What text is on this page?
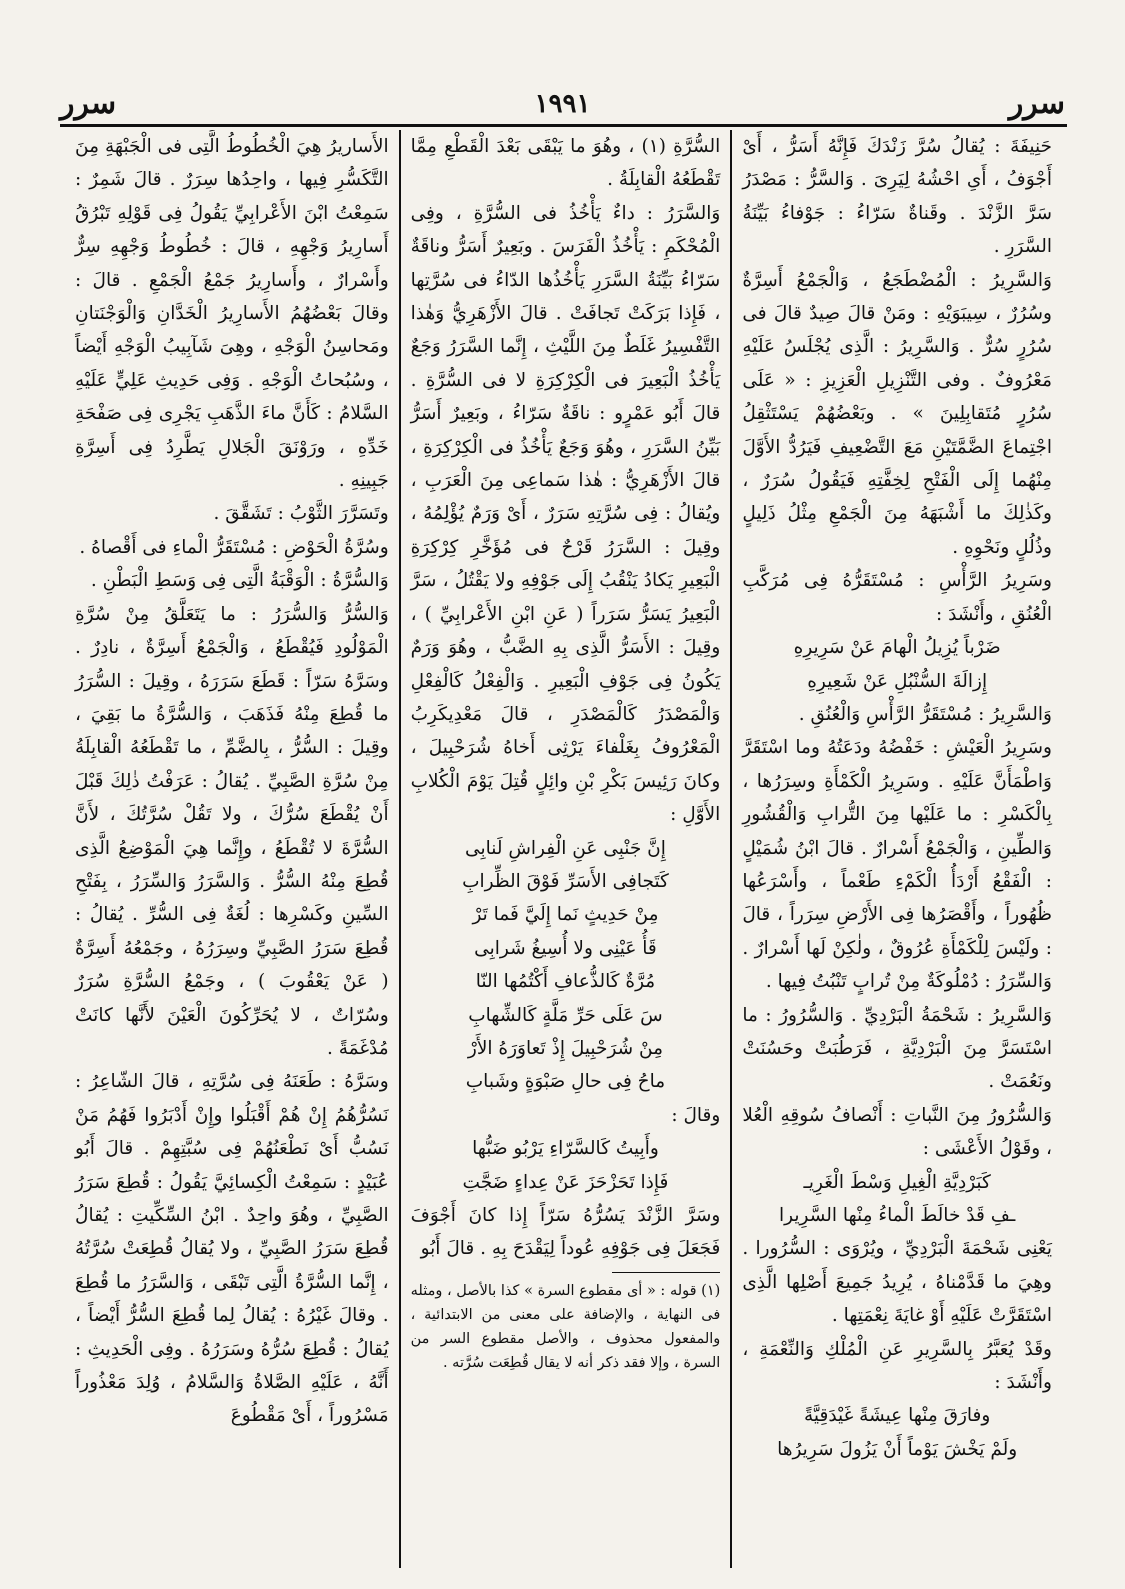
١٩٩١	سرر
سرر

الأَساريرُ هِيَ الْخُطُوطُ الَّتِى فى الْجَبْهَةِ مِنَ التَّكَسُّرِ فِيها ، واحِدُها سِرَرٌ . قالَ شَمِرٌ : سَمِعْتُ ابْنَ الأَعْرابِيِّ يَقُولُ فِى قَوْلِهِ تَبْرُقُ أَسارِيرُ وَجْهِهِ ، قالَ : خُطُوطُ وَجْهِهِ سِرٌّ وأَسْرارٌ ، وأَسارِيرُ جَمْعُ الْجَمْعِ . قالَ : وقالَ بَعْضُهُمُ الأَسارِيرُ الْخَدَّانِ وَالْوَجْنَتانِ ومَحاسِنُ الْوَجْهِ ، وهِىَ شَآبِيبُ الْوَجْهِ أَيْضاً ، وسُبُحاتُ الْوَجْهِ . وَفِى حَدِيثِ عَلِيٍّ عَلَيْهِ السَّلامُ : كَأَنَّ ماءَ الذَّهَبِ يَجْرِى فِى صَفْحَةِ خَدِّهِ ، ورَوْنَقَ الْجَلالِ يَطَّرِدُ فِى أَسِرَّةِ جَبِينِهِ .

وتَسَرَّرَ الثَّوْبُ : تَشَقَّقَ .

وسُرَّةُ الْحَوْضِ : مُسْتَقَرُّ الْماءِ فى أَقْصاهُ .

وَالسُّرَّةُ : الْوَقْبَةُ الَّتِى فِى وَسَطِ الْبَطْنِ .

وَالسُّرُّ وَالسُّرَرُ : ما يَتَعَلَّقُ مِنْ سُرَّةِ الْمَوْلُودِ فَيُقْطَعُ ، وَالْجَمْعُ أَسِرَّةٌ ، نادِرٌ . وسَرَّهُ سَرّاً : قَطَعَ سَرَرَهُ ، وقِيلَ : السُّرَرُ ما قُطِعَ مِنْهُ فَذَهَبَ ، وَالسُّرَّةُ ما بَقِيَ ، وقِيلَ : السُّرُّ ، بِالضَّمِّ ، ما تَقْطَعُهُ الْقابِلَةُ مِنْ سُرَّةِ الصَّبِيِّ . يُقالُ : عَرَفْتُ ذٰلِكَ قَبْلَ أَنْ يُقْطَعَ سُرُّكَ ، ولا تَقُلْ سُرَّتُكَ ، لأَنَّ السُّرَّةَ لا تُقْطَعُ ، وإِنَّما هِيَ الْمَوْضِعُ الَّذِى قُطِعَ مِنْهُ السُّرُّ . وَالسَّرَرُ وَالسِّرَرُ ، بِفَتْحِ السِّينِ وكَسْرِها : لُغَةٌ فِى السُّرِّ . يُقالُ : قُطِعَ سَرَرُ الصَّبِيِّ وسِرَرُهُ ، وجَمْعُهُ أَسِرَّةٌ ( عَنْ يَعْقُوبَ ) ، وجَمْعُ السُّرَّةِ سُرَرٌ وسُرّاتٌ ، لا يُحَرِّكُونَ الْعَيْنَ لأَنَّها كانَتْ مُدْغَمَةً .

وسَرَّهُ : طَعَنَهُ فِى سُرَّتِهِ ، قالَ الشّاعِرُ : نَسُرُّهُمُ إِنْ هُمْ أَقْبَلُوا وإِنْ أَدْبَرُوا فَهُمُ مَنْ نَسُبُّ أَىْ نَطْعَنُهُمْ فِى سُبَّتِهِمْ . قالَ أَبُو عُبَيْدٍ : سَمِعْتُ الْكِسائِيَّ يَقُولُ : قُطِعَ سَرَرُ الصَّبِيِّ ، وهُوَ واحِدٌ . ابْنُ السِّكِّيتِ : يُقالُ قُطِعَ سَرَرُ الصَّبِيِّ ، ولا يُقالُ قُطِعَتْ سُرَّتُهُ ، إِنَّما السُّرَّةُ الَّتِى تَبْقَى ، وَالسَّرَرُ ما قُطِعَ . وقالَ غَيْرُهُ : يُقالُ لِما قُطِعَ السُّرُّ أَيْضاً ، يُقالُ : قُطِعَ سُرُّهُ وسَرَرُهُ . وفِى الْحَدِيثِ : أَنَّهُ ، عَلَيْهِ الصَّلاةُ وَالسَّلامُ ، وُلِدَ مَعْذُوراً مَسْرُوراً ، أَىْ مَقْطُوعَ

السُّرَّةِ (١) ، وهُوَ ما يَبْقَى بَعْدَ الْقَطْعِ مِمَّا تَقْطَعُهُ الْقابِلَةُ .

وَالسَّرَرُ : داءٌ يَأْخُذُ فى السُّرَّةِ ، وفِى الْمُحْكَمِ : يَأْخُذُ الْفَرَسَ . وبَعِيرٌ أَسَرُّ وناقَةٌ سَرّاءُ بَيِّنَةُ السَّرَرِ يَأْخُذُها الدّاءُ فى سُرَّتِها ، فَإِذا بَرَكَتْ تَجافَتْ . قالَ الأَزْهَرِيُّ وَهٰذا التَّفْسِيرُ غَلَطٌ مِنَ اللَّيْثِ ، إِنَّما السَّرَرُ وَجَعٌ يَأْخُذُ الْبَعِيرَ فى الْكِرْكِرَةِ لا فى السُّرَّةِ . قالَ أَبُو عَمْرٍو : ناقَةٌ سَرّاءُ ، وبَعِيرٌ أَسَرُّ بَيِّنُ السَّرَرِ ، وهُوَ وَجَعٌ يَأْخُذُ فى الْكِرْكِرَةِ ، قالَ الأَزْهَرِيُّ : هٰذا سَماعِى مِنَ الْعَرَبِ ، ويُقالُ : فِى سُرَّتِهِ سَرَرٌ ، أَىْ وَرَمٌ يُؤْلِمُهُ ، وقِيلَ : السَّرَرُ قَرْحٌ فى مُؤَخَّرِ كِرْكِرَةِ الْبَعِيرِ يَكادُ يَنْقُبُ إِلَى جَوْفِهِ ولا يَقْتُلُ ، سَرَّ الْبَعِيرُ يَسَرُّ سَرَراً ( عَنِ ابْنِ الأَعْرابِيِّ ) ، وقِيلَ : الأَسَرُّ الَّذِى بِهِ الضَّبُّ ، وهُوَ وَرَمٌ يَكُونُ فِى جَوْفِ الْبَعِيرِ . وَالْفِعْلُ كَالْفِعْلِ وَالْمَصْدَرُ كَالْمَصْدَرِ ، قالَ مَعْدِيكَرِبُ الْمَعْرُوفُ بِغَلْفاءَ يَرْثِى أَخاهُ شُرَحْبِيلَ ، وكانَ رَئِيسَ بَكْرِ بْنِ وائِلٍ قُتِلَ يَوْمَ الْكُلابِ الأَوَّلِ :

إِنَّ جَنْبِى عَنِ الْفِراشِ لَنابِى

كَتَجافِى الأَسَرِّ فَوْقَ الظِّرابِ

مِنْ حَدِيثٍ نَما إِلَيَّ فَما تَرْ

قَأُ عَيْنِى ولا أُسِيغُ شَرابِى

مُرَّةٌ كَالذُّعافِ أَكْتُمُها النّا

سَ عَلَى حَرِّ مَلَّةٍ كَالشِّهابِ

مِنْ شُرَحْبِيلَ إِذْ تَعاوَرَهُ الأَرْ

ماحُ فِى حالِ صَبْوَةٍ وشَبابِ

وقالَ :

وأَبِيتُ كَالسَّرّاءِ يَرْبُو ضَبُّها

فَإِذا تَحَزْحَزَ عَنْ عِداءٍ ضَجَّتِ

وسَرَّ الزَّنْدَ يَسُرُّهُ سَرّاً إِذا كانَ أَجْوَفَ فَجَعَلَ فِى جَوْفِهِ عُوداً لِيَقْدَحَ بِهِ . قالَ أَبُو

(١) قوله : « أى مقطوع السرة » كذا بالأصل ، ومثله فى النهاية ، والإضافة على معنى من الابتدائية ، والمفعول محذوف ، والأصل مقطوع السر من السرة ، وإلا فقد ذكر أنه لا يقال قُطِعَت سُرَّته .

حَنِيفَةَ : يُقالُ سُرَّ زَنْدَكَ فَإِنَّهُ أَسَرُّ ، أَىْ أَجْوَفُ ، أَىِ احْشُهُ لِيَرِىَ . وَالسَّرُّ : مَصْدَرُ سَرَّ الزَّنْدَ . وقَناةٌ سَرّاءُ : جَوْفاءُ بَيِّنَةُ السَّرَرِ .

وَالسَّرِيرُ : الْمُضْطَجَعُ ، وَالْجَمْعُ أَسِرَّةٌ وسُرُرٌ ، سِيبَوَيْهِ : ومَنْ قالَ صِيدٌ قالَ فى سُرُرٍ سُرٌّ . وَالسَّرِيرُ : الَّذِى يُجْلَسُ عَلَيْهِ مَعْرُوفٌ . وفى التَّنْزِيلِ الْعَزِيزِ : « عَلَى سُرُرٍ مُتَقابِلِينَ » . وبَعْضُهُمْ يَسْتَثْقِلُ اجْتِماعَ الضَّمَّتَيْنِ مَعَ التَّضْعِيفِ فَيَرُدُّ الأَوَّلَ مِنْهُما إِلَى الْفَتْحِ لِخِفَّتِهِ فَيَقُولُ سُرَرٌ ، وكَذٰلِكَ ما أَشْبَهَهُ مِنَ الْجَمْعِ مِثْلُ ذَلِيلٍ وذُلُلٍ ونَحْوِهِ .

وسَرِيرُ الرَّأْسِ : مُسْتَقَرُّهُ فِى مُرَكَّبِ الْعُنُقِ ، وأَنْشَدَ :

ضَرْباً يُزِيلُ الْهامَ عَنْ سَرِيرِهِ

إِزالَةَ السُّنْبُلِ عَنْ شَعِيرِهِ

وَالسَّرِيرُ : مُسْتَقَرُّ الرَّأْسِ وَالْعُنُقِ .

وسَرِيرُ الْعَيْشِ : خَفْضُهُ ودَعَتُهُ وما اسْتَقَرَّ وَاطْمَأَنَّ عَلَيْهِ . وسَرِيرُ الْكَمْأَةِ وسِرَرُها ، بِالْكَسْرِ : ما عَلَيْها مِنَ التُّرابِ وَالْقُشُورِ وَالطِّينِ ، وَالْجَمْعُ أَسْرارٌ . قالَ ابْنُ شُمَيْلٍ : الْفَقْعُ أَرْدَأُ الْكَمْءِ طَعْماً ، وأَسْرَعُها ظُهُوراً ، وأَقْصَرُها فِى الأَرْضِ سِرَراً ، قالَ : ولَيْسَ لِلْكَمْأَةِ عُرُوقٌ ، ولٰكِنْ لَها أَسْرارٌ . وَالسِّرَرُ : دُمْلُوكَةٌ مِنْ تُرابٍ تَنْبُتُ فِيها .

وَالسَّرِيرُ : شَحْمَةُ الْبَرْدِيِّ . وَالسُّرُورُ : ما اسْتَسَرَّ مِنَ الْبَرْدِيَّةِ ، فَرَطُبَتْ وحَسُنَتْ ونَعُمَتْ .

وَالسُّرُورُ مِنَ النَّباتِ : أَنْصافُ سُوقِهِ الْعُلا ، وقَوْلُ الأَعْشَى :

كَبَرْدِيَّةِ الْغِيلِ وَسْطَ الْغَرِيـ

ـفِ قَدْ خالَطَ الْماءُ مِنْها السَّرِيرا

يَعْنِى شَحْمَةَ الْبَرْدِيِّ ، ويُرْوَى : السُّرُورا . وهِيَ ما قَدَّمْناهُ ، يُرِيدُ جَمِيعَ أَصْلِها الَّذِى اسْتَقَرَّتْ عَلَيْهِ أَوْ غايَةَ نِعْمَتِها .

وقَدْ يُعَبَّرُ بِالسَّرِيرِ عَنِ الْمُلْكِ وَالنِّعْمَةِ ، وأَنْشَدَ :

وفارَقَ مِنْها عِيشَةً غَيْدَقِيَّةً

ولَمْ يَخْشَ يَوْماً أَنْ يَزُولَ سَرِيرُها
